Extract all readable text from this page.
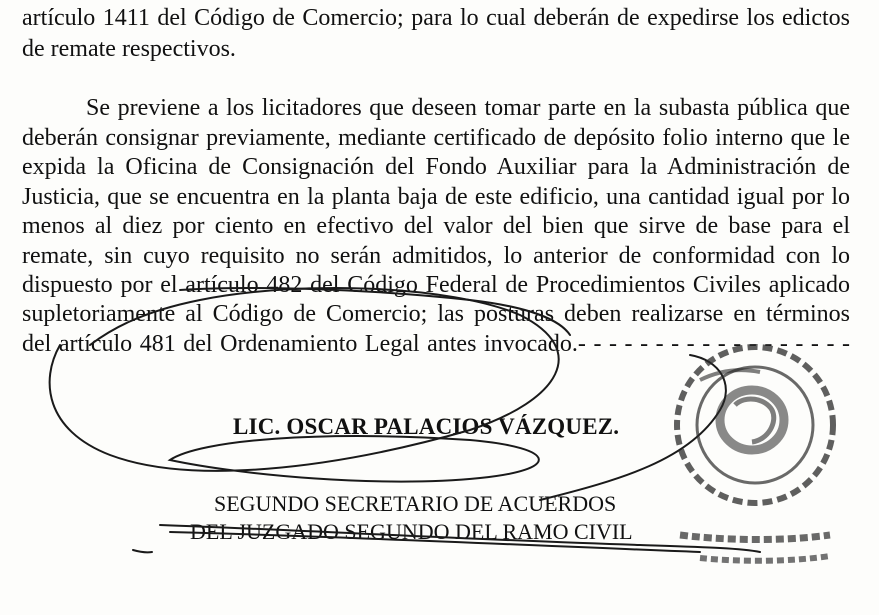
artículo 1411 del Código de Comercio; para lo cual deberán de expedirse los edictos
de remate respectivos.
Se previene a los licitadores que deseen tomar parte en la subasta pública que
deberán consignar previamente, mediante certificado de depósito folio interno que le
expida la Oficina de Consignación del Fondo Auxiliar para la Administración de
Justicia, que se encuentra en la planta baja de este edificio, una cantidad igual por lo
menos al diez por ciento en efectivo del valor del bien que sirve de base para el
remate, sin cuyo requisito no serán admitidos, lo anterior de conformidad con lo
dispuesto por el artículo 482 del Código Federal de Procedimientos Civiles aplicado
supletoriamente al Código de Comercio; las posturas deben realizarse en términos
del artículo 481 del Ordenamiento Legal antes invocado.- - - - - - - - - - - - - - - - - -
LIC. OSCAR PALACIOS VÁZQUEZ.
SEGUNDO SECRETARIO DE ACUERDOS
DEL JUZGADO SEGUNDO DEL RAMO CIVIL
